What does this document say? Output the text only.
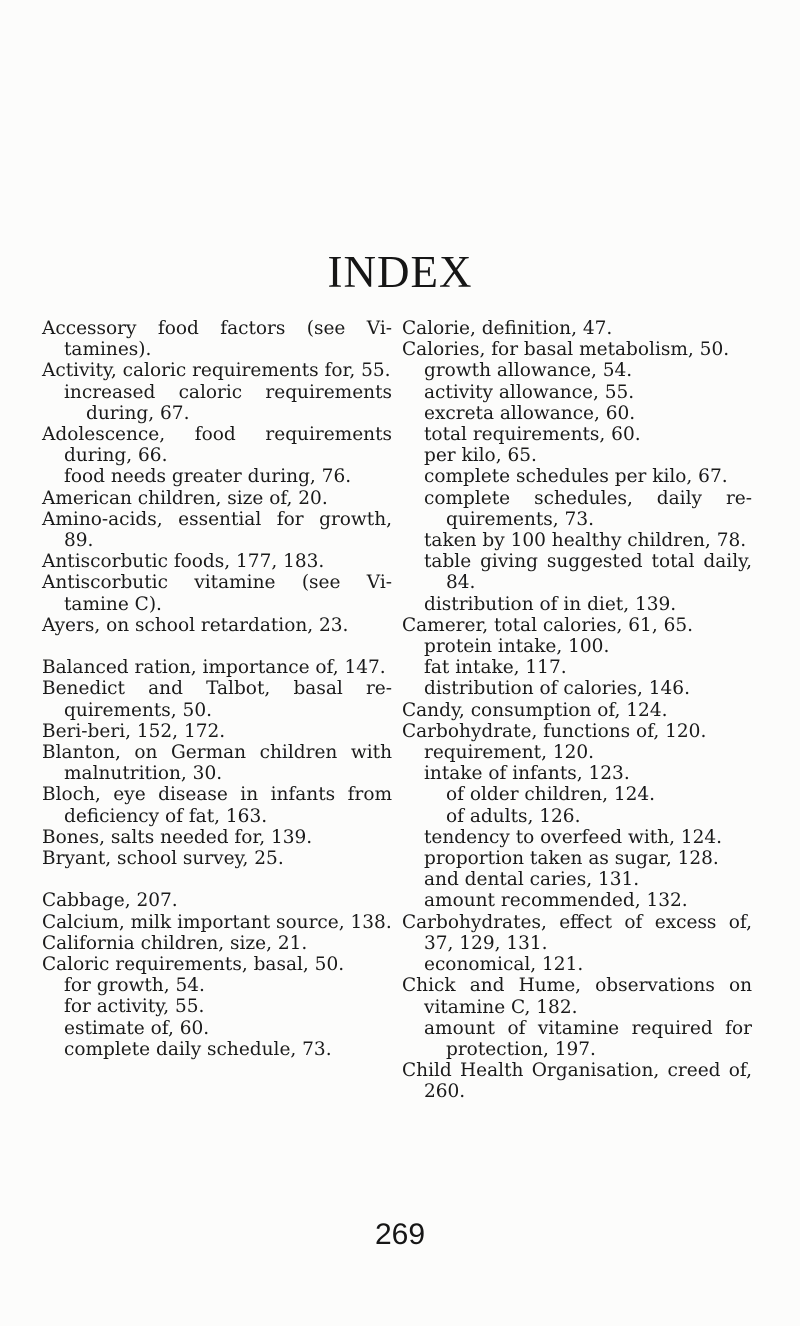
INDEX
Accessory food factors (see Vi- tamines).
Activity, caloric requirements for, 55.
increased caloric requirements during, 67.
Adolescence, food requirements during, 66.
food needs greater during, 76.
American children, size of, 20.
Amino-acids, essential for growth, 89.
Antiscorbutic foods, 177, 183.
Antiscorbutic vitamine (see Vi- tamine C).
Ayers, on school retardation, 23.
Balanced ration, importance of, 147.
Benedict and Talbot, basal re- quirements, 50.
Beri-beri, 152, 172.
Blanton, on German children with malnutrition, 30.
Bloch, eye disease in infants from deficiency of fat, 163.
Bones, salts needed for, 139.
Bryant, school survey, 25.
Cabbage, 207.
Calcium, milk important source, 138.
California children, size, 21.
Caloric requirements, basal, 50.
for growth, 54.
for activity, 55.
estimate of, 60.
complete daily schedule, 73.
Calorie, definition, 47.
Calories, for basal metabolism, 50.
growth allowance, 54.
activity allowance, 55.
excreta allowance, 60.
total requirements, 60.
per kilo, 65.
complete schedules per kilo, 67.
complete schedules, daily re- quirements, 73.
taken by 100 healthy children, 78.
table giving suggested total daily, 84.
distribution of in diet, 139.
Camerer, total calories, 61, 65.
protein intake, 100.
fat intake, 117.
distribution of calories, 146.
Candy, consumption of, 124.
Carbohydrate, functions of, 120.
requirement, 120.
intake of infants, 123.
of older children, 124.
of adults, 126.
tendency to overfeed with, 124.
proportion taken as sugar, 128.
and dental caries, 131.
amount recommended, 132.
Carbohydrates, effect of excess of, 37, 129, 131.
economical, 121.
Chick and Hume, observations on vitamine C, 182.
amount of vitamine required for protection, 197.
Child Health Organisation, creed of, 260.
269
